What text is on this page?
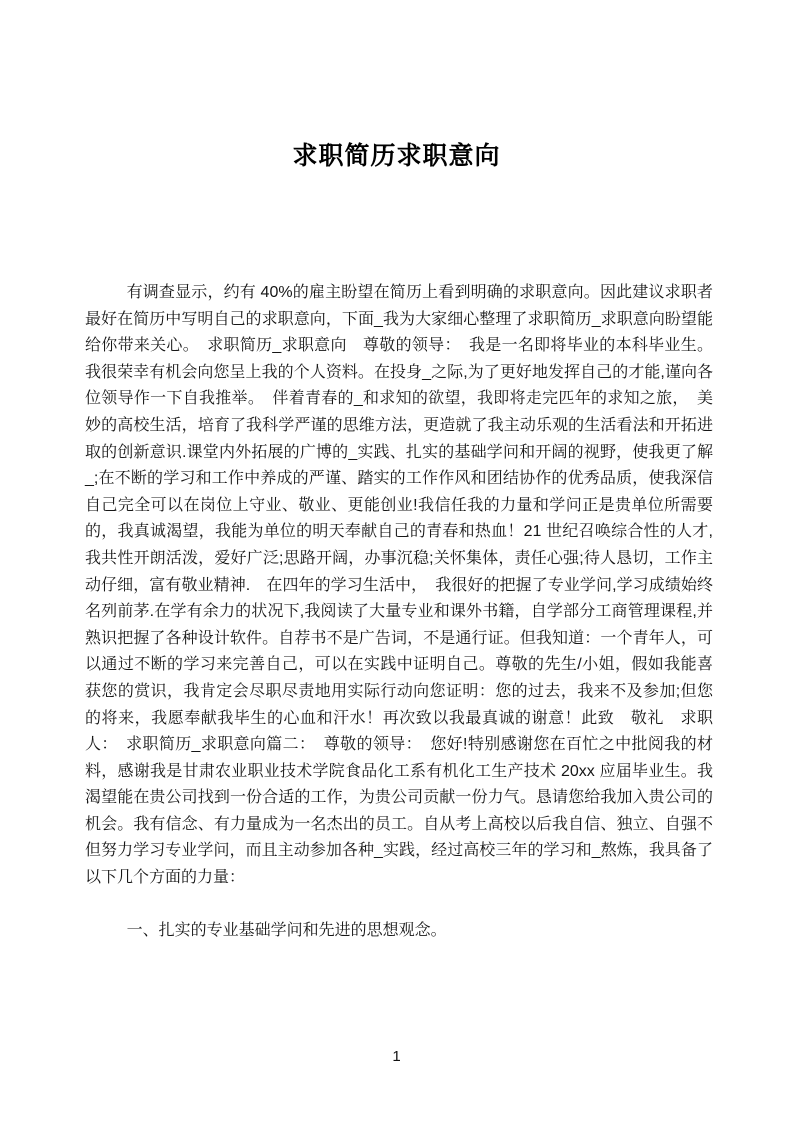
求职简历求职意向

有调查显示，约有 40%的雇主盼望在简历上看到明确的求职意向。因此建议求职者最好在简历中写明自己的求职意向，下面_我为大家细心整理了求职简历_求职意向盼望能给你带来关心。　求职简历_求职意向　尊敬的领导：　我是一名即将毕业的本科毕业生。我很荣幸有机会向您呈上我的个人资料。在投身_之际,为了更好地发挥自己的才能,谨向各位领导作一下自我推举。　伴着青春的_和求知的欲望，我即将走完匹年的求知之旅，　美妙的高校生活，培育了我科学严谨的思维方法，更造就了我主动乐观的生活看法和开拓进取的创新意识.课堂内外拓展的广博的_实践、扎实的基础学问和开阔的视野，使我更了解_;在不断的学习和工作中养成的严谨、踏实的工作作风和团结协作的优秀品质，使我深信自己完全可以在岗位上守业、敬业、更能创业!我信任我的力量和学问正是贵单位所需要的，我真诚渴望，我能为单位的明天奉献自己的青春和热血！21 世纪召唤综合性的人才,我共性开朗活泼，爱好广泛;思路开阔，办事沉稳;关怀集体，责任心强;待人恳切，工作主动仔细，富有敬业精神.　在四年的学习生活中，　我很好的把握了专业学问,学习成绩始终名列前茅.在学有余力的状况下,我阅读了大量专业和课外书籍，自学部分工商管理课程,并熟识把握了各种设计软件。自荐书不是广告词，不是通行证。但我知道：一个青年人，可以通过不断的学习来完善自己，可以在实践中证明自己。尊敬的先生/小姐，假如我能喜获您的赏识，我肯定会尽职尽责地用实际行动向您证明：您的过去，我来不及参加;但您的将来，我愿奉献我毕生的心血和汗水！再次致以我最真诚的谢意！此致　敬礼　求职人：　求职简历_求职意向篇二：　尊敬的领导：　您好!特别感谢您在百忙之中批阅我的材料，感谢我是甘肃农业职业技术学院食品化工系有机化工生产技术 20xx 应届毕业生。我渴望能在贵公司找到一份合适的工作，为贵公司贡献一份力气。恳请您给我加入贵公司的机会。我有信念、有力量成为一名杰出的员工。自从考上高校以后我自信、独立、自强不但努力学习专业学问，而且主动参加各种_实践，经过高校三年的学习和_熬炼，我具备了以下几个方面的力量：

一、扎实的专业基础学问和先进的思想观念。

1
